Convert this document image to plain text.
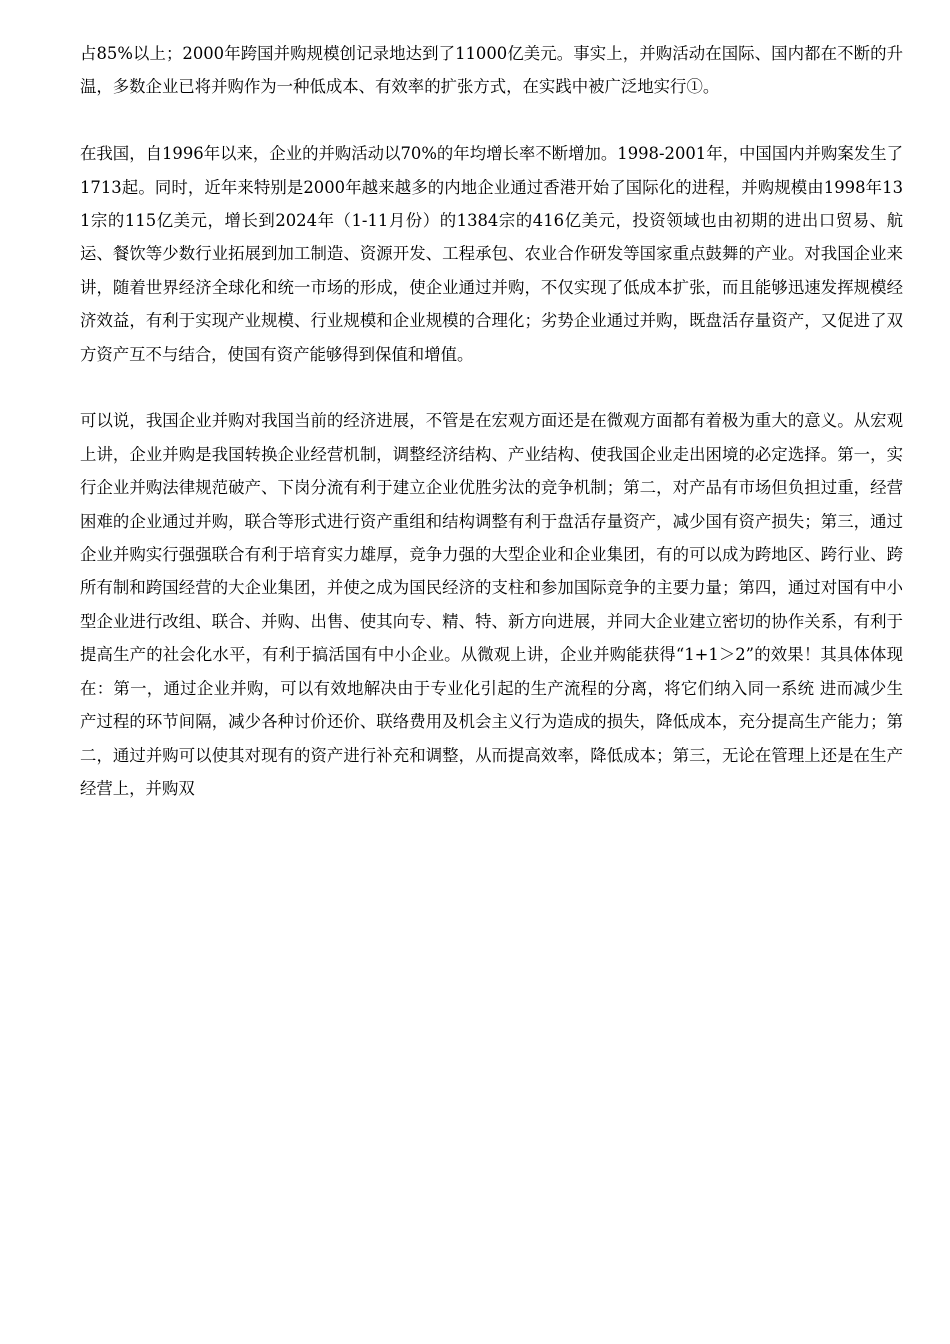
占85%以上；2000年跨国并购规模创记录地达到了11000亿美元。事实上，并购活动在国际、国内都在不断的升温，多数企业已将并购作为一种低成本、有效率的扩张方式，在实践中被广泛地实行①。

在我国，自1996年以来，企业的并购活动以70%的年均增长率不断增加。1998-2001年，中国国内并购案发生了1713起。同时，近年来特别是2000年越来越多的内地企业通过香港开始了国际化的进程，并购规模由1998年131宗的115亿美元，增长到2024年（1-11月份）的1384宗的416亿美元，投资领域也由初期的进出口贸易、航运、餐饮等少数行业拓展到加工制造、资源开发、工程承包、农业合作研发等国家重点鼓舞的产业。对我国企业来讲，随着世界经济全球化和统一市场的形成，使企业通过并购，不仅实现了低成本扩张，而且能够迅速发挥规模经济效益，有利于实现产业规模、行业规模和企业规模的合理化；劣势企业通过并购，既盘活存量资产，又促进了双方资产互不与结合，使国有资产能够得到保值和增值。

可以说，我国企业并购对我国当前的经济进展，不管是在宏观方面还是在微观方面都有着极为重大的意义。从宏观上讲，企业并购是我国转换企业经营机制，调整经济结构、产业结构、使我国企业走出困境的必定选择。第一，实行企业并购法律规范破产、下岗分流有利于建立企业优胜劣汰的竞争机制；第二，对产品有市场但负担过重，经营困难的企业通过并购，联合等形式进行资产重组和结构调整有利于盘活存量资产，减少国有资产损失；第三，通过企业并购实行强强联合有利于培育实力雄厚，竞争力强的大型企业和企业集团，有的可以成为跨地区、跨行业、跨所有制和跨国经营的大企业集团，并使之成为国民经济的支柱和参加国际竞争的主要力量；第四，通过对国有中小型企业进行改组、联合、并购、出售、使其向专、精、特、新方向进展，并同大企业建立密切的协作关系，有利于提高生产的社会化水平，有利于搞活国有中小企业。从微观上讲，企业并购能获得“1+1＞2”的效果！其具体体现在：第一，通过企业并购，可以有效地解决由于专业化引起的生产流程的分离，将它们纳入同一系统 进而减少生产过程的环节间隔，减少各种讨价还价、联络费用及机会主义行为造成的损失，降低成本，充分提高生产能力；第二，通过并购可以使其对现有的资产进行补充和调整，从而提高效率，降低成本；第三，无论在管理上还是在生产经营上，并购双
